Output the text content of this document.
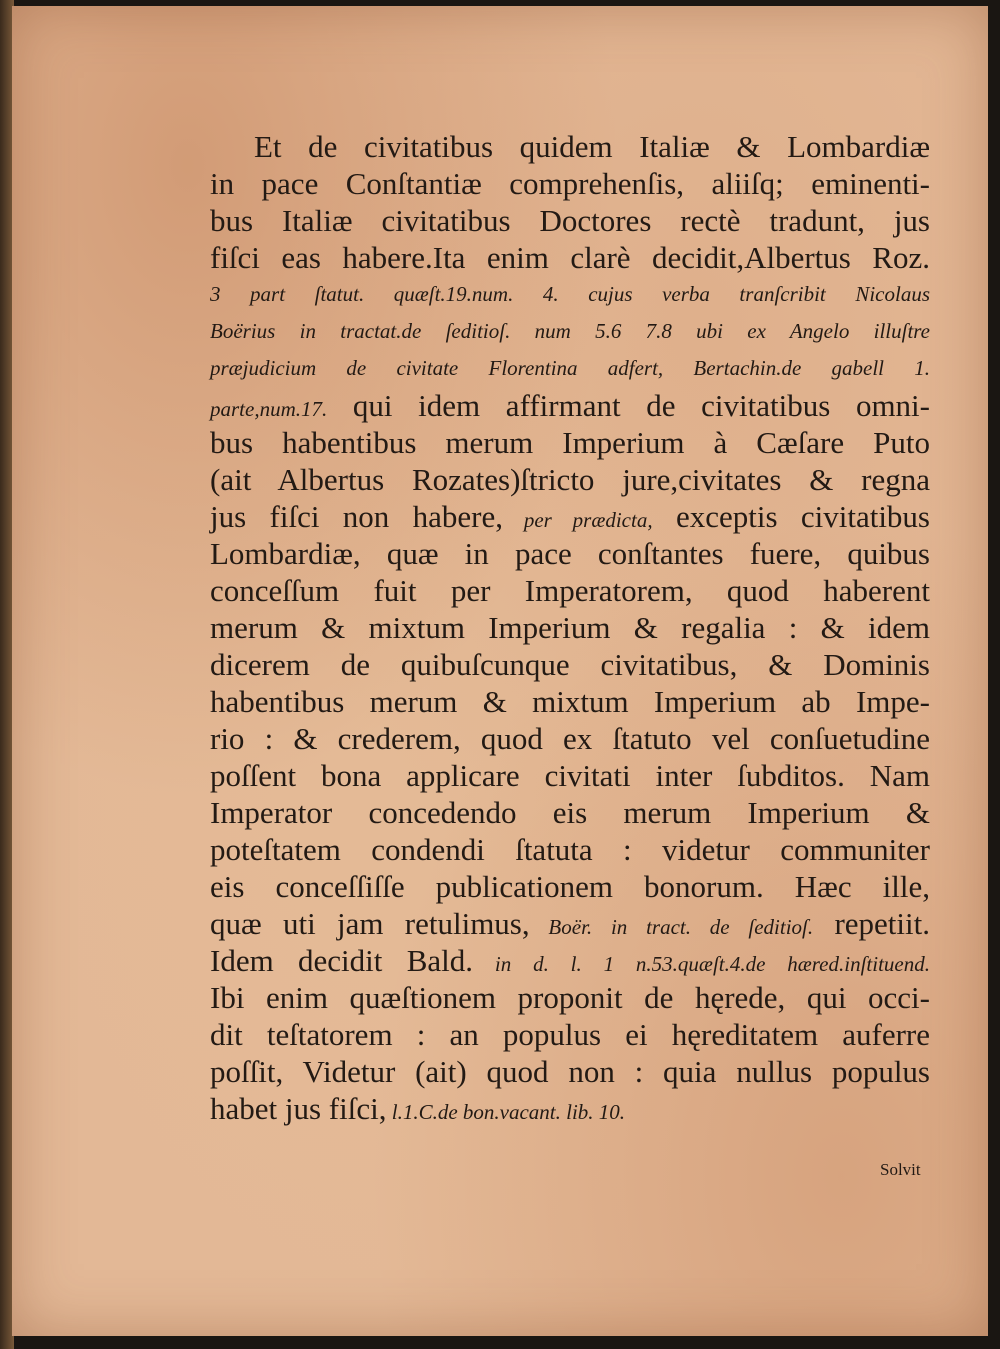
Et de civitatibus quidem Italiæ & Lombardiæ
in pace Conſtantiæ comprehenſis, aliiſq; eminenti-
bus Italiæ civitatibus Doctores rectè tradunt, jus
fiſci eas habere.Ita enim clarè decidit,Albertus Roz.
3 part ſtatut. quæſt.19.num. 4. cujus verba tranſcribit Nicolaus
Boërius in tractat.de ſeditioſ. num 5.6 7.8 ubi ex Angelo illuſtre
præjudicium de civitate Florentina adfert, Bertachin.de gabell 1.
parte,num.17. qui idem affirmant de civitatibus omni-
bus habentibus merum Imperium à Cæſare Puto
(ait Albertus Rozates)ſtricto jure,civitates & regna
jus fiſci non habere, per prædicta, exceptis civitatibus
Lombardiæ, quæ in pace conſtantes fuere, quibus
conceſſum fuit per Imperatorem, quod haberent
merum & mixtum Imperium & regalia : & idem
dicerem de quibuſcunque civitatibus, & Dominis
habentibus merum & mixtum Imperium ab Impe-
rio : & crederem, quod ex ſtatuto vel conſuetudine
poſſent bona applicare civitati inter ſubditos. Nam
Imperator concedendo eis merum Imperium &
poteſtatem condendi ſtatuta : videtur communiter
eis conceſſiſſe publicationem bonorum. Hæc ille,
quæ uti jam retulimus, Boër. in tract. de ſeditioſ. repetiit.
Idem decidit Bald. in d. l. 1 n.53.quæſt.4.de hæred.inſtituend.
Ibi enim quæſtionem proponit de hęrede, qui occi-
dit teſtatorem : an populus ei hęreditatem auferre
poſſit, Videtur (ait) quod non : quia nullus populus
habet jus fiſci, l.1.C.de bon.vacant. lib. 10.
Solvit
